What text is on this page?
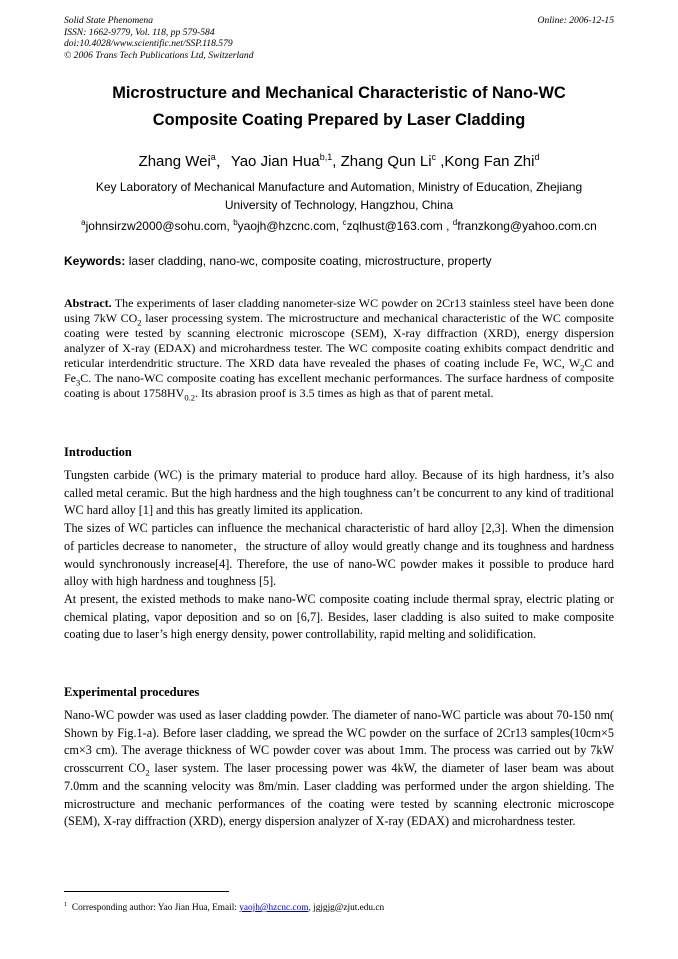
Solid State Phenomena
ISSN: 1662-9779, Vol. 118, pp 579-584
doi:10.4028/www.scientific.net/SSP.118.579
© 2006 Trans Tech Publications Ltd, Switzerland
Online: 2006-12-15
Microstructure and Mechanical Characteristic of Nano-WC
Composite Coating Prepared by Laser Cladding
Zhang Wei$^a$，Yao Jian Hua$^{b,1}$, Zhang Qun Li$^c$ ,Kong Fan Zhi$^d$
Key Laboratory of Mechanical Manufacture and Automation, Ministry of Education, Zhejiang
University of Technology, Hangzhou, China
$^a$johnsirzw2000@sohu.com, $^b$yaojh@hzcnc.com, $^c$zqlhust@163.com , $^d$franzkong@yahoo.com.cn
Keywords: laser cladding, nano-wc, composite coating, microstructure, property

Abstract. The experiments of laser cladding nanometer-size WC powder on 2Cr13 stainless steel have been done using 7kW $CO_2$ laser processing system. The microstructure and mechanical characteristic of the WC composite coating were tested by scanning electronic microscope (SEM), X-ray diffraction (XRD), energy dispersion analyzer of X-ray (EDAX) and microhardness tester. The WC composite coating exhibits compact dendritic and reticular interdendritic structure. The XRD data have revealed the phases of coating include Fe, WC, $W_2C$ and $Fe_3C$. The nano-WC composite coating has excellent mechanic performances. The surface hardness of composite coating is about $1758HV_{0.2}$. Its abrasion proof is 3.5 times as high as that of parent metal.

Introduction

Tungsten carbide (WC) is the primary material to produce hard alloy. Because of its high hardness, it’s also called metal ceramic. But the high hardness and the high toughness can’t be concurrent to any kind of traditional WC hard alloy [1] and this has greatly limited its application.

The sizes of WC particles can influence the mechanical characteristic of hard alloy [2,3]. When the dimension of particles decrease to nanometer，the structure of alloy would greatly change and its toughness and hardness would synchronously increase[4]. Therefore, the use of nano-WC powder makes it possible to produce hard alloy with high hardness and toughness [5].

At present, the existed methods to make nano-WC composite coating include thermal spray, electric plating or chemical plating, vapor deposition and so on [6,7]. Besides, laser cladding is also suited to make composite coating due to laser’s high energy density, power controllability, rapid melting and solidification.

Experimental procedures

Nano-WC powder was used as laser cladding powder. The diameter of nano-WC particle was about 70-150 nm( Shown by Fig.1-a). Before laser cladding, we spread the WC powder on the surface of 2Cr13 samples(10cm×5 cm×3 cm). The average thickness of WC powder cover was about 1mm. The process was carried out by 7kW crosscurrent $CO_2$ laser system. The laser processing power was 4kW, the diameter of laser beam was about 7.0mm and the scanning velocity was 8m/min. Laser cladding was performed under the argon shielding. The microstructure and mechanic performances of the coating were tested by scanning electronic microscope (SEM), X-ray diffraction (XRD), energy dispersion analyzer of X-ray (EDAX) and microhardness tester.

$^1$ Corresponding author: Yao Jian Hua, Email: yaojh@hzcnc.com, jgjgjg@zjut.edu.cn
